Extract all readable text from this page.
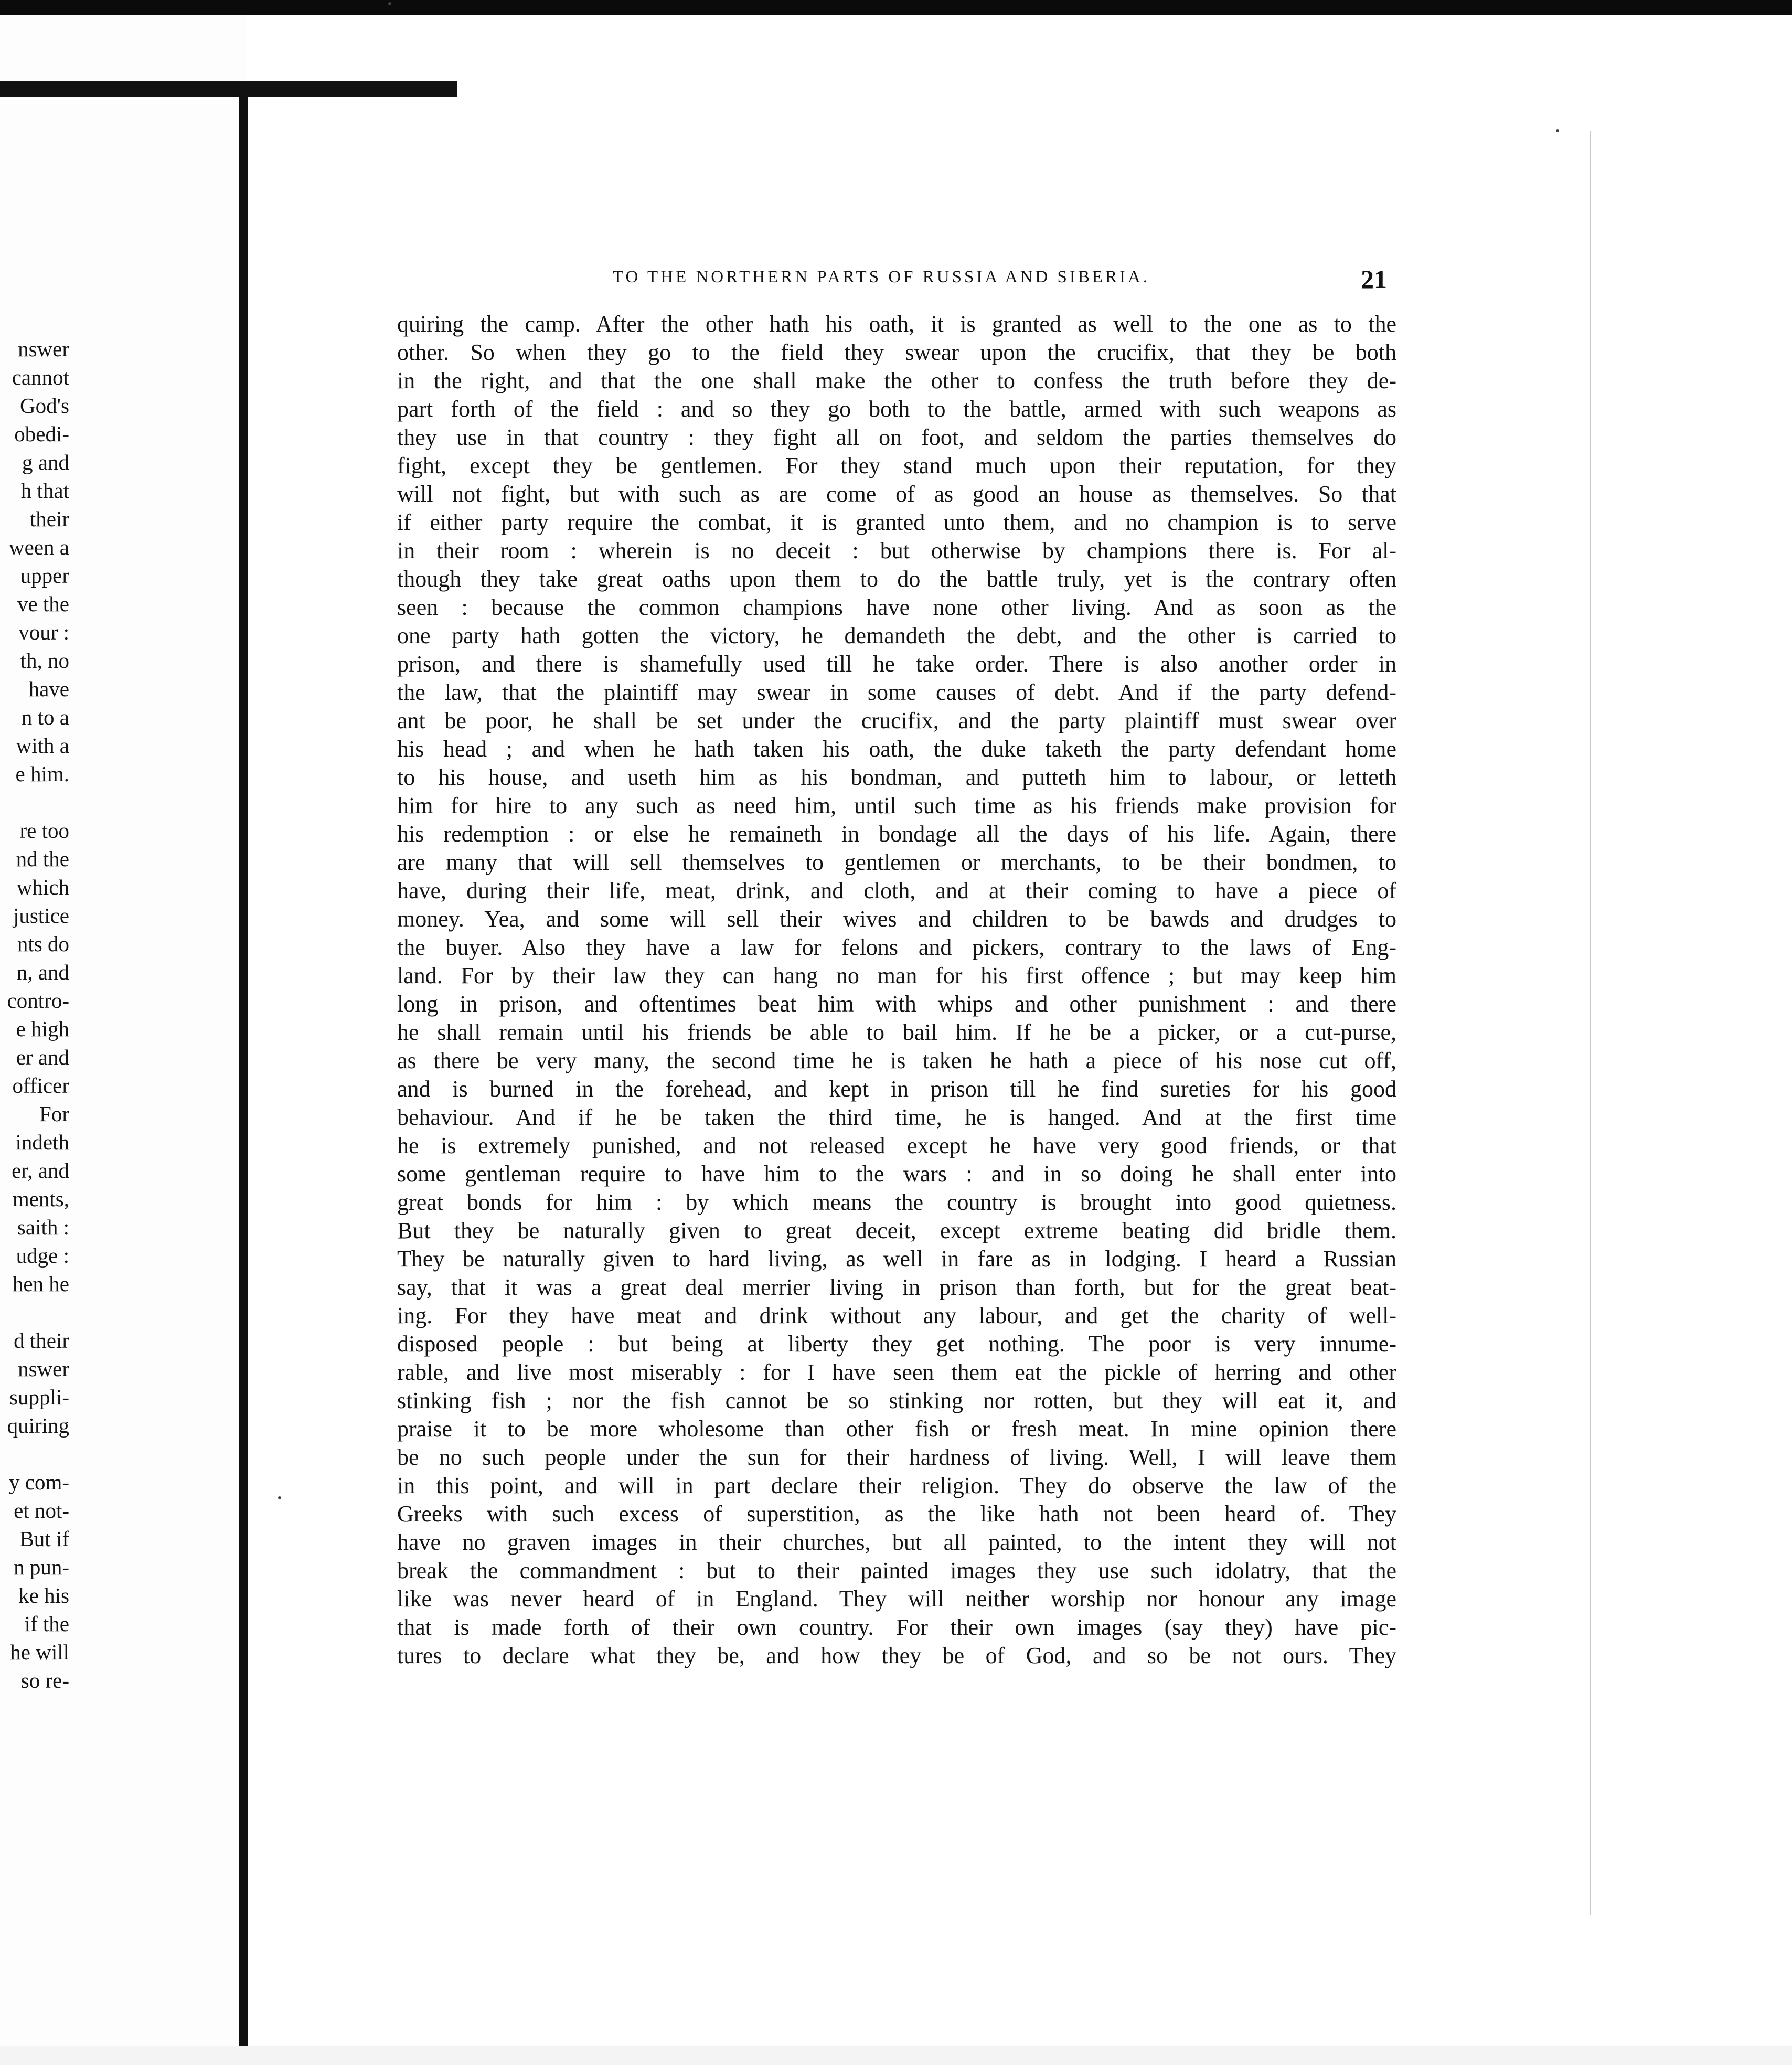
nswer
cannot
God's
obedi-
g and
h that
their
ween a
upper
ve the
vour :
th, no
have
n to a
with a
e him.
re too
nd the
which
justice
nts do
n, and
contro-
e high
er and
officer
For
indeth
er, and
ments,
saith :
udge :
hen he
d their
nswer
suppli-
quiring
y com-
et not-
But if
n pun-
ke his
if the
he will
so re-
TO THE NORTHERN PARTS OF RUSSIA AND SIBERIA.	21
quiring the camp. After the other hath his oath, it is granted as well to the one as to the
other. So when they go to the field they swear upon the crucifix, that they be both
in the right, and that the one shall make the other to confess the truth before they de-
part forth of the field : and so they go both to the battle, armed with such weapons as
they use in that country : they fight all on foot, and seldom the parties themselves do
fight, except they be gentlemen. For they stand much upon their reputation, for they
will not fight, but with such as are come of as good an house as themselves. So that
if either party require the combat, it is granted unto them, and no champion is to serve
in their room : wherein is no deceit : but otherwise by champions there is. For al-
though they take great oaths upon them to do the battle truly, yet is the contrary often
seen : because the common champions have none other living. And as soon as the
one party hath gotten the victory, he demandeth the debt, and the other is carried to
prison, and there is shamefully used till he take order. There is also another order in
the law, that the plaintiff may swear in some causes of debt. And if the party defend-
ant be poor, he shall be set under the crucifix, and the party plaintiff must swear over
his head ; and when he hath taken his oath, the duke taketh the party defendant home
to his house, and useth him as his bondman, and putteth him to labour, or letteth
him for hire to any such as need him, until such time as his friends make provision for
his redemption : or else he remaineth in bondage all the days of his life. Again, there
are many that will sell themselves to gentlemen or merchants, to be their bondmen, to
have, during their life, meat, drink, and cloth, and at their coming to have a piece of
money. Yea, and some will sell their wives and children to be bawds and drudges to
the buyer. Also they have a law for felons and pickers, contrary to the laws of Eng-
land. For by their law they can hang no man for his first offence ; but may keep him
long in prison, and oftentimes beat him with whips and other punishment : and there
he shall remain until his friends be able to bail him. If he be a picker, or a cut-purse,
as there be very many, the second time he is taken he hath a piece of his nose cut off,
and is burned in the forehead, and kept in prison till he find sureties for his good
behaviour. And if he be taken the third time, he is hanged. And at the first time
he is extremely punished, and not released except he have very good friends, or that
some gentleman require to have him to the wars : and in so doing he shall enter into
great bonds for him : by which means the country is brought into good quietness.
But they be naturally given to great deceit, except extreme beating did bridle them.
They be naturally given to hard living, as well in fare as in lodging. I heard a Russian
say, that it was a great deal merrier living in prison than forth, but for the great beat-
ing. For they have meat and drink without any labour, and get the charity of well-
disposed people : but being at liberty they get nothing. The poor is very innume-
rable, and live most miserably : for I have seen them eat the pickle of herring and other
stinking fish ; nor the fish cannot be so stinking nor rotten, but they will eat it, and
praise it to be more wholesome than other fish or fresh meat. In mine opinion there
be no such people under the sun for their hardness of living. Well, I will leave them
in this point, and will in part declare their religion. They do observe the law of the
Greeks with such excess of superstition, as the like hath not been heard of. They
have no graven images in their churches, but all painted, to the intent they will not
break the commandment : but to their painted images they use such idolatry, that the
like was never heard of in England. They will neither worship nor honour any image
that is made forth of their own country. For their own images (say they) have pic-
tures to declare what they be, and how they be of God, and so be not ours. They
